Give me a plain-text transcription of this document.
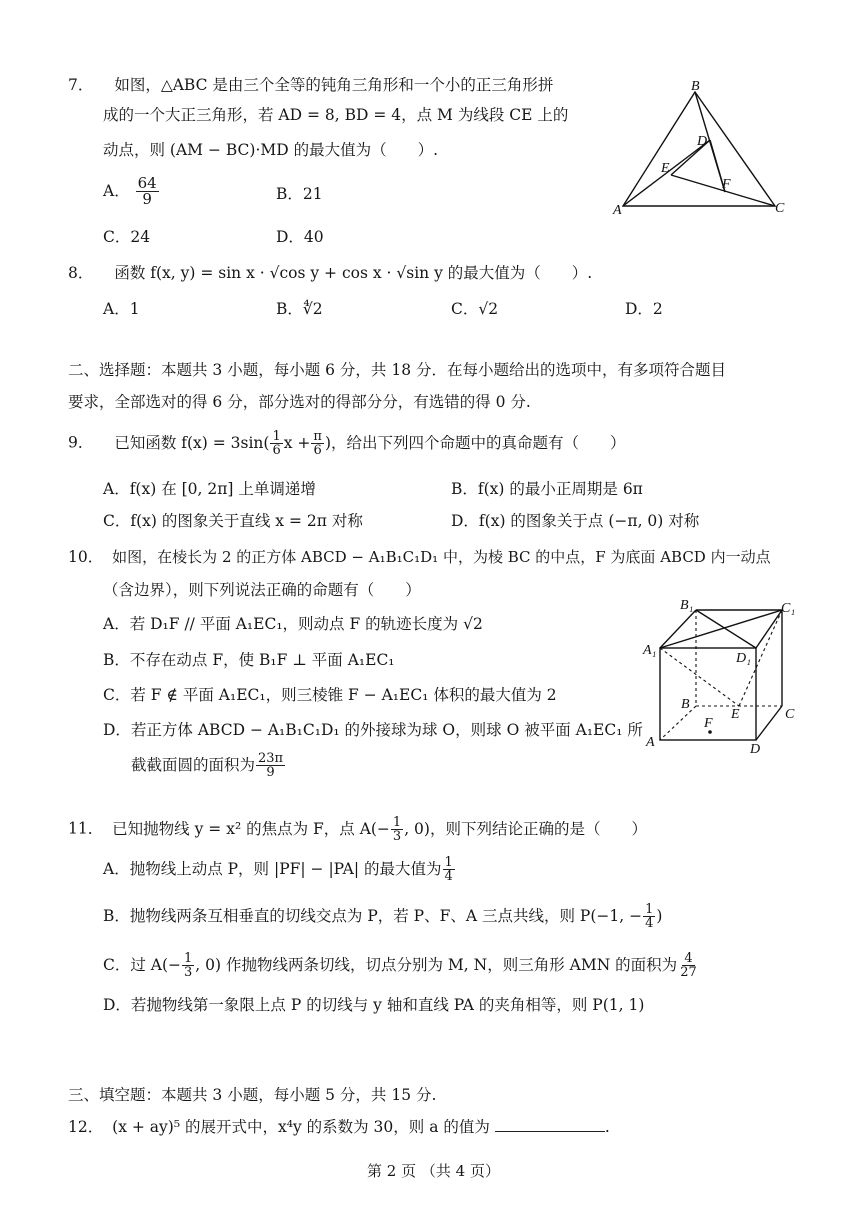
7． 如图，△ABC 是由三个全等的钝角三角形和一个小的正三角形拼
成的一个大正三角形，若 AD = 8, BD = 4，点 M 为线段 CE 上的
动点，则 (AM − BC)·MD 的最大值为（　　）.
A． $\frac{64}{9}$	B．21
C．24	D．40
B
D
E
F
A	C
8． 函数 f(x, y) = sin x · √cos y + cos x · √sin y 的最大值为（　　）.
A．1	B．∜2	C．√2	D．2
二、选择题：本题共 3 小题，每小题 6 分，共 18 分．在每小题给出的选项中，有多项符合题目
要求，全部选对的得 6 分，部分选对的得部分分，有选错的得 0 分.
9． 已知函数 $f(x) = 3\sin( \frac{1}{6}$ $x + \frac{\pi}{6}$ )，给出下列四个命题中的真命题有（　　）
A．f(x) 在 [0, 2π] 上单调递增	B．f(x) 的最小正周期是 6π
C．f(x) 的图象关于直线 x = 2π 对称	D．f(x) 的图象关于点 (−π, 0) 对称
10． 如图，在棱长为 2 的正方体 ABCD − A₁B₁C₁D₁ 中，为棱 BC 的中点，F 为底面 ABCD 内一动点
（含边界），则下列说法正确的命题有（　　）
A．若 D₁F // 平面 A₁EC₁，则动点 F 的轨迹长度为 √2
B．不存在动点 F，使 B₁F ⊥ 平面 A₁EC₁
C．若 F ∉ 平面 A₁EC₁，则三棱锥 F − A₁EC₁ 体积的最大值为 2
D．若正方体 ABCD − A₁B₁C₁D₁ 的外接球为球 O，则球 O 被平面 A₁EC₁ 所
截截面圆的面积为 $\frac{23\pi}{9}$
B₁	C₁
A₁
D₁
B
E	C
F
A	D
11． 已知抛物线 y = x² 的焦点为 F，点 $A(- \frac{1}{3}$ , 0)，则下列结论正确的是（　　）
A．抛物线上动点 P，则 |PF| − |PA| 的最大值为 $\frac{1}{4}$
B．抛物线两条互相垂直的切线交点为 P，若 P、F、A 三点共线，则 P(−1, − $\frac{1}{4}$ )
C．过 $A(- \frac{1}{3}$ , 0) 作抛物线两条切线，切点分别为 M, N，则三角形 AMN 的面积为 $\frac{4}{27}$
D．若抛物线第一象限上点 P 的切线与 y 轴和直线 PA 的夹角相等，则 P(1, 1)
三、填空题：本题共 3 小题，每小题 5 分，共 15 分.
12． (x + ay)⁵ 的展开式中，x⁴y 的系数为 30，则 a 的值为	.
第 2 页 （共 4 页）
